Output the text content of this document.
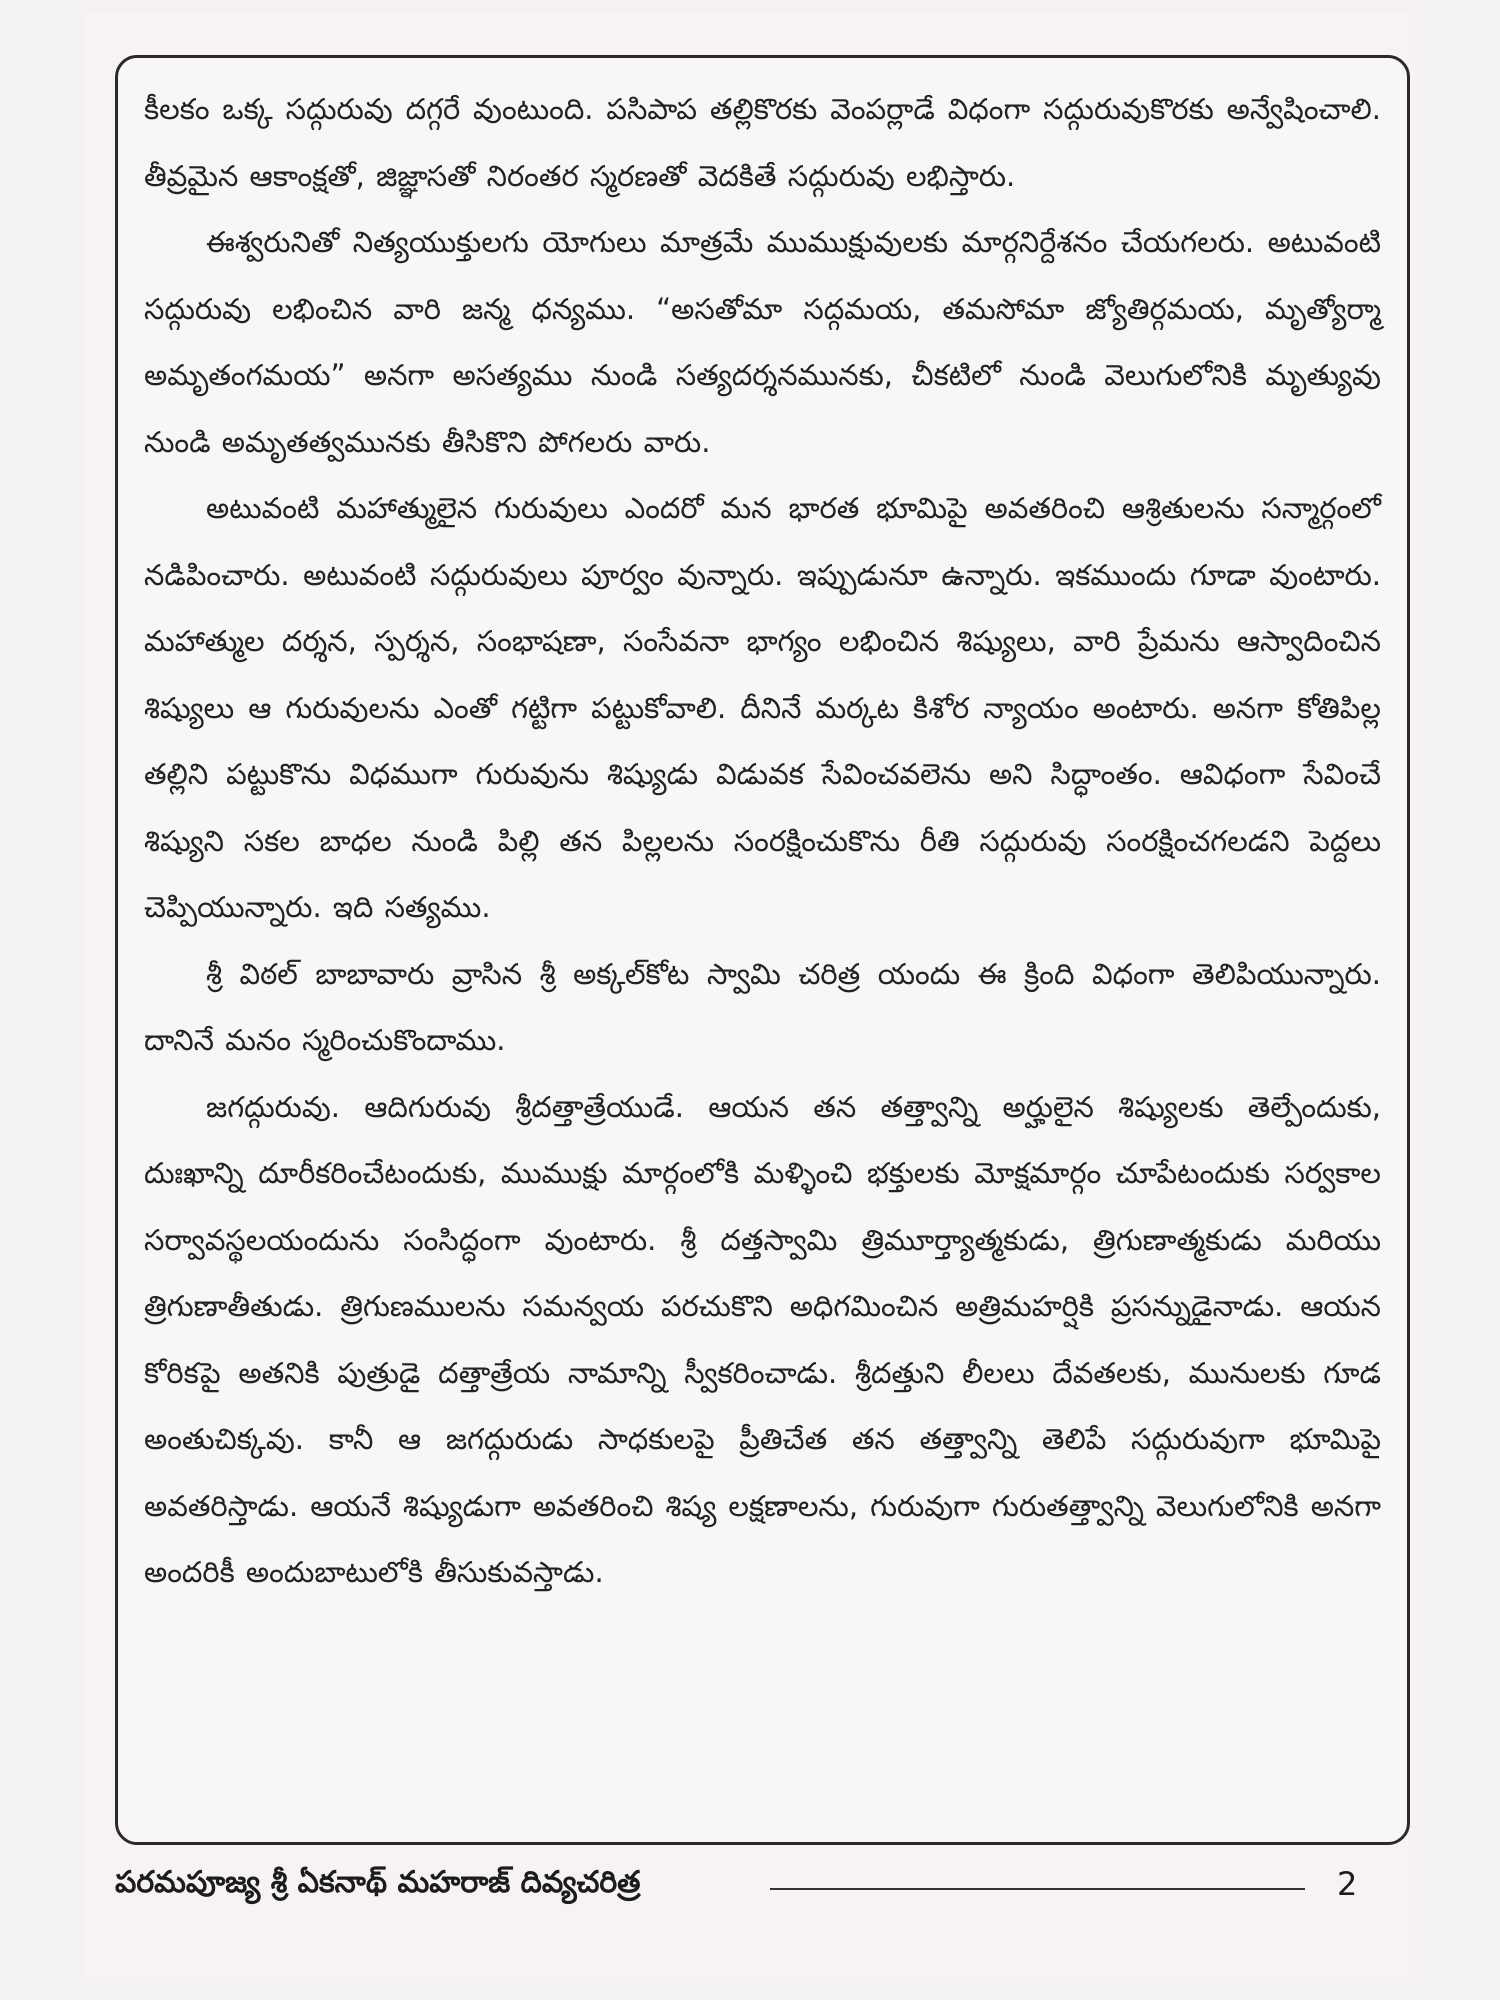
కీలకం ఒక్క సద్గురువు దగ్గరే వుంటుంది. పసిపాప తల్లికొరకు వెంపర్లాడే విధంగా సద్గురువుకొరకు అన్వేషించాలి. తీవ్రమైన ఆకాంక్షతో, జిజ్ఞాసతో నిరంతర స్మరణతో వెదకితే సద్గురువు లభిస్తారు.

ఈశ్వరునితో నిత్యయుక్తులగు యోగులు మాత్రమే ముముక్షువులకు మార్గనిర్దేశనం చేయగలరు. అటువంటి సద్గురువు లభించిన వారి జన్మ ధన్యము. “అసతోమా సద్గమయ, తమసోమా జ్యోతిర్గమయ, మృత్యోర్మా అమృతంగమయ” అనగా అసత్యము నుండి సత్యదర్శనమునకు, చీకటిలో నుండి వెలుగులోనికి మృత్యువు నుండి అమృతత్వమునకు తీసికొని పోగలరు వారు.

అటువంటి మహాత్ములైన గురువులు ఎందరో మన భారత భూమిపై అవతరించి ఆశ్రితులను సన్మార్గంలో నడిపించారు. అటువంటి సద్గురువులు పూర్వం వున్నారు. ఇప్పుడునూ ఉన్నారు. ఇకముందు గూడా వుంటారు. మహాత్ముల దర్శన, స్పర్శన, సంభాషణా, సంసేవనా భాగ్యం లభించిన శిష్యులు, వారి ప్రేమను ఆస్వాదించిన శిష్యులు ఆ గురువులను ఎంతో గట్టిగా పట్టుకోవాలి. దీనినే మర్కట కిశోర న్యాయం అంటారు. అనగా కోతిపిల్ల తల్లిని పట్టుకొను విధముగా గురువును శిష్యుడు విడువక సేవించవలెను అని సిద్ధాంతం. ఆవిధంగా సేవించే శిష్యుని సకల బాధల నుండి పిల్లి తన పిల్లలను సంరక్షించుకొను రీతి సద్గురువు సంరక్షించగలడని పెద్దలు చెప్పియున్నారు. ఇది సత్యము.

శ్రీ విఠల్ బాబావారు వ్రాసిన శ్రీ అక్కల్‌కోట స్వామి చరిత్ర యందు ఈ క్రింది విధంగా తెలిపియున్నారు. దానినే మనం స్మరించుకొందాము.

జగద్గురువు. ఆదిగురువు శ్రీదత్తాత్రేయుడే. ఆయన తన తత్త్వాన్ని అర్హులైన శిష్యులకు తెల్పేందుకు, దుఃఖాన్ని దూరీకరించేటందుకు, ముముక్షు మార్గంలోకి మళ్ళించి భక్తులకు మోక్షమార్గం చూపేటందుకు సర్వకాల సర్వావస్థలయందును సంసిద్ధంగా వుంటారు. శ్రీ దత్తస్వామి త్రిమూర్త్యాత్మకుడు, త్రిగుణాత్మకుడు మరియు త్రిగుణాతీతుడు. త్రిగుణములను సమన్వయ పరచుకొని అధిగమించిన అత్రిమహర్షికి ప్రసన్నుడైనాడు. ఆయన కోరికపై అతనికి పుత్రుడై దత్తాత్రేయ నామాన్ని స్వీకరించాడు. శ్రీదత్తుని లీలలు దేవతలకు, మునులకు గూడ అంతుచిక్కవు. కానీ ఆ జగద్గురుడు సాధకులపై ప్రీతిచేత తన తత్త్వాన్ని తెలిపే సద్గురువుగా భూమిపై అవతరిస్తాడు. ఆయనే శిష్యుడుగా అవతరించి శిష్య లక్షణాలను, గురువుగా గురుతత్త్వాన్ని వెలుగులోనికి అనగా అందరికీ అందుబాటులోకి తీసుకువస్తాడు.

పరమపూజ్య శ్రీ ఏకనాథ్ మహరాజ్ దివ్యచరిత్ర	2
